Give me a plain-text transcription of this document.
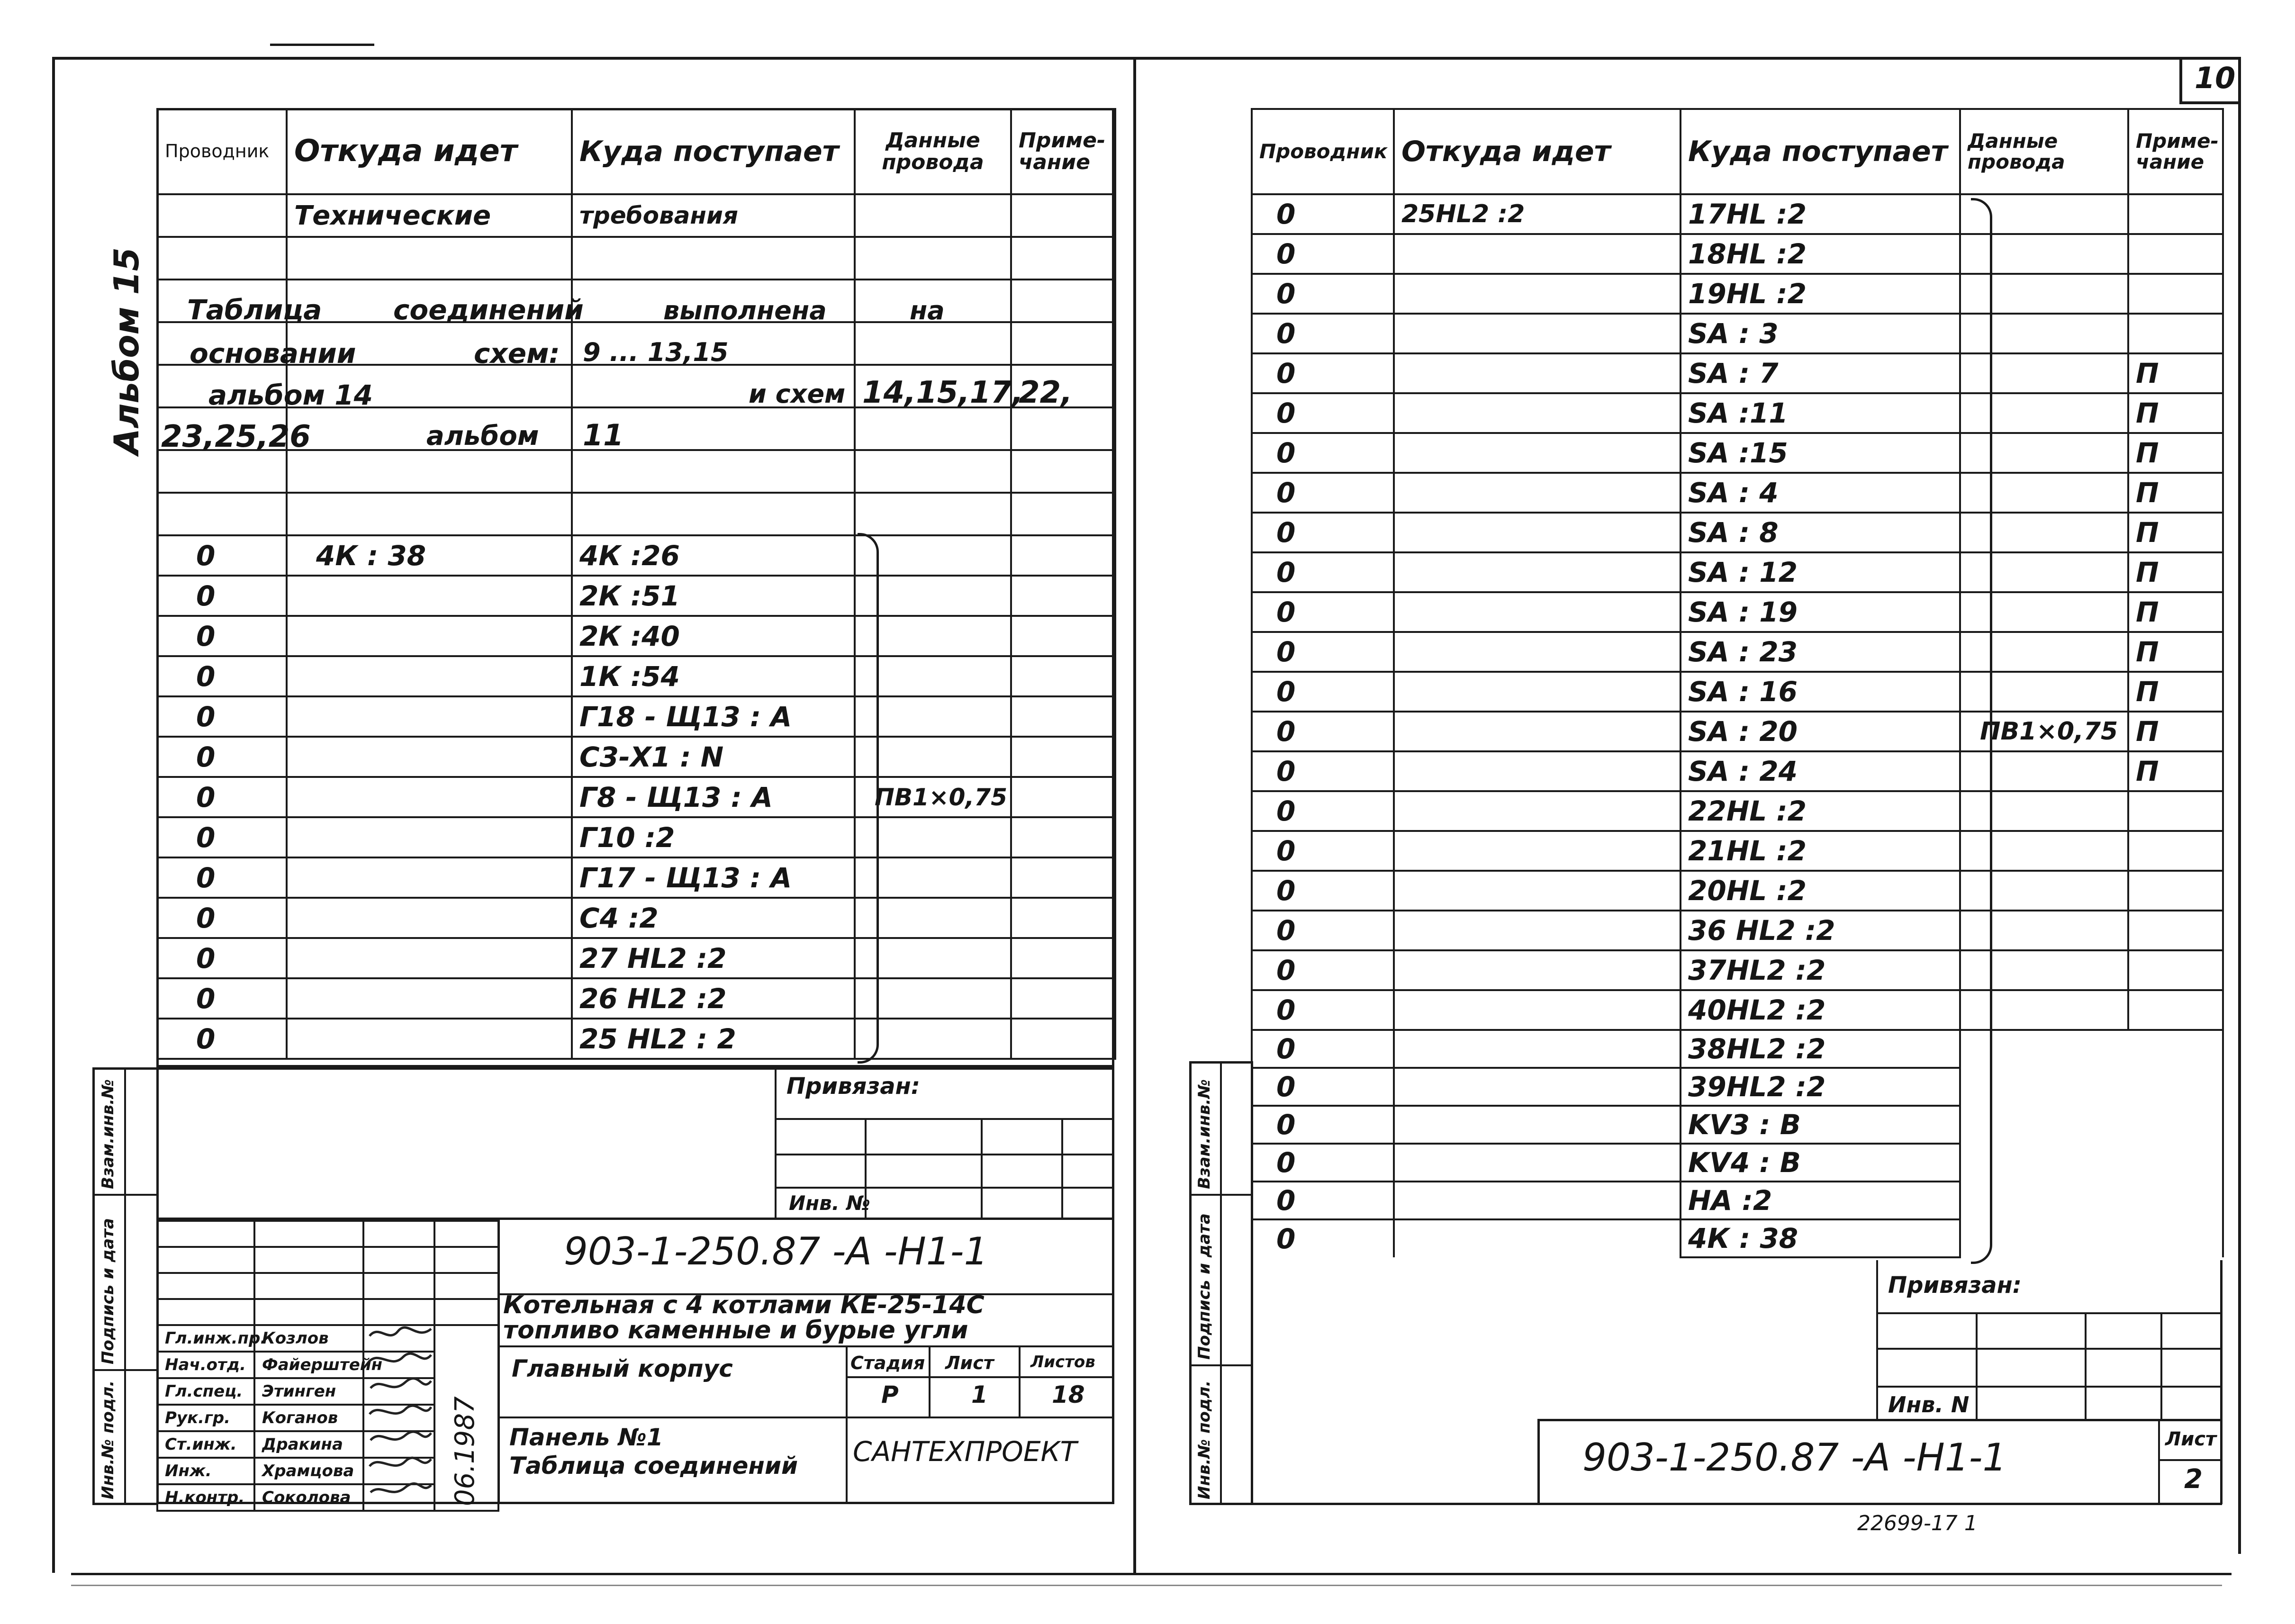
10
Альбом 15
Проводник	Откуда идет	Куда поступает	Данные провода	Приме-чание
	Технические	требования		

0	4К : 38	4К :26		
0		2К :51		
0		2К :40		
0		1К :54		
0		Г18 - Щ13 : А		
0		С3-Х1 : N		
0		Г8 - Щ13 : А	ПВ1×0,75	
0		Г10 :2		
0		Г17 - Щ13 : А		
0		С4 :2		
0		27 HL2 :2		
0		26 HL2 :2		
0		25 HL2 : 2		
Таблица	соединений	выполнена	на
основании	схем: 9 ... 13,15
альбом 14	и схем 14,15,17,
22,
23,25,26	альбом 11
Взам.инв.№
Подпись и дата
Инв.№ подл.
Привязан:
Инв. №
903-1-250.87 -А -Н1-1
Котельная с 4 котлами КЕ-25-14С
топливо каменные и бурые угли
Главный корпус	Стадия Лист Листов
Р	1	18
Панель №1
Таблица соединений САНТЕХПРОЕКТ

Гл.инж.пр.	Козлов		06.1987

Нач.отд.	Файерштейн		
Гл.спец.	Этинген		
Рук.гр.	Коганов		
Ст.инж.	Дракина		
Инж.	Храмцова		
Н.контр.	Соколова		
Проводник	Откуда идет	Куда поступает	Данные провода	Приме-чание
0	25HL2 :2	17HL :2		
0		18HL :2		
0		19HL :2		
0		SA : 3		
0		SA : 7		П
0		SA :11		П
0		SA :15		П
0		SA : 4		П
0		SA : 8		П
0		SA : 12		П
0		SA : 19		П
0		SA : 23		П
0		SA : 16		П
0		SA : 20	ПВ1×0,75	П
0		SA : 24		П
0		22HL :2		
0		21HL :2		
0		20HL :2		
0		36 HL2 :2		
0		37HL2 :2		
0		40HL2 :2		
0		38HL2 :2		
0		39HL2 :2		
0		KV3 : В		
0		KV4 : В		
0		НА :2		
0		4К : 38		
Взам.инв.№
Подпись и дата
Инв.№ подл.
Привязан:
Инв. N
903-1-250.87 -А -Н1-1	Лист
2
22699-17 1
